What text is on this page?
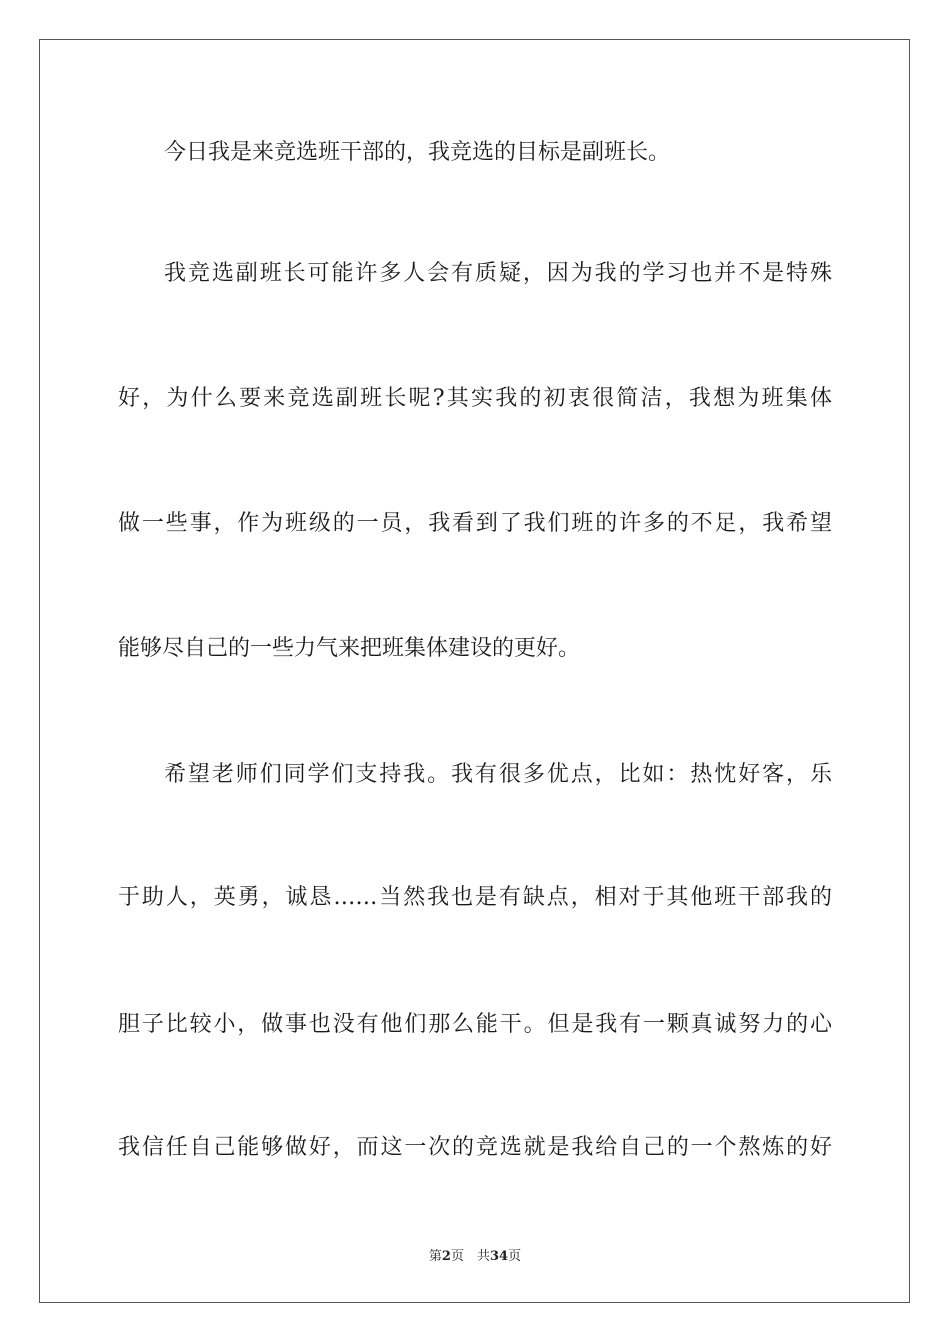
今日我是来竞选班干部的，我竞选的目标是副班长。
我竞选副班长可能许多人会有质疑，因为我的学习也并不是特殊
好，为什么要来竞选副班长呢?其实我的初衷很简洁，我想为班集体
做一些事，作为班级的一员，我看到了我们班的许多的不足，我希望
能够尽自己的一些力气来把班集体建设的更好。
希望老师们同学们支持我。我有很多优点，比如：热忱好客，乐
于助人，英勇，诚恳……当然我也是有缺点，相对于其他班干部我的
胆子比较小，做事也没有他们那么能干。但是我有一颗真诚努力的心
我信任自己能够做好，而这一次的竞选就是我给自己的一个熬炼的好
第2页　共34页
